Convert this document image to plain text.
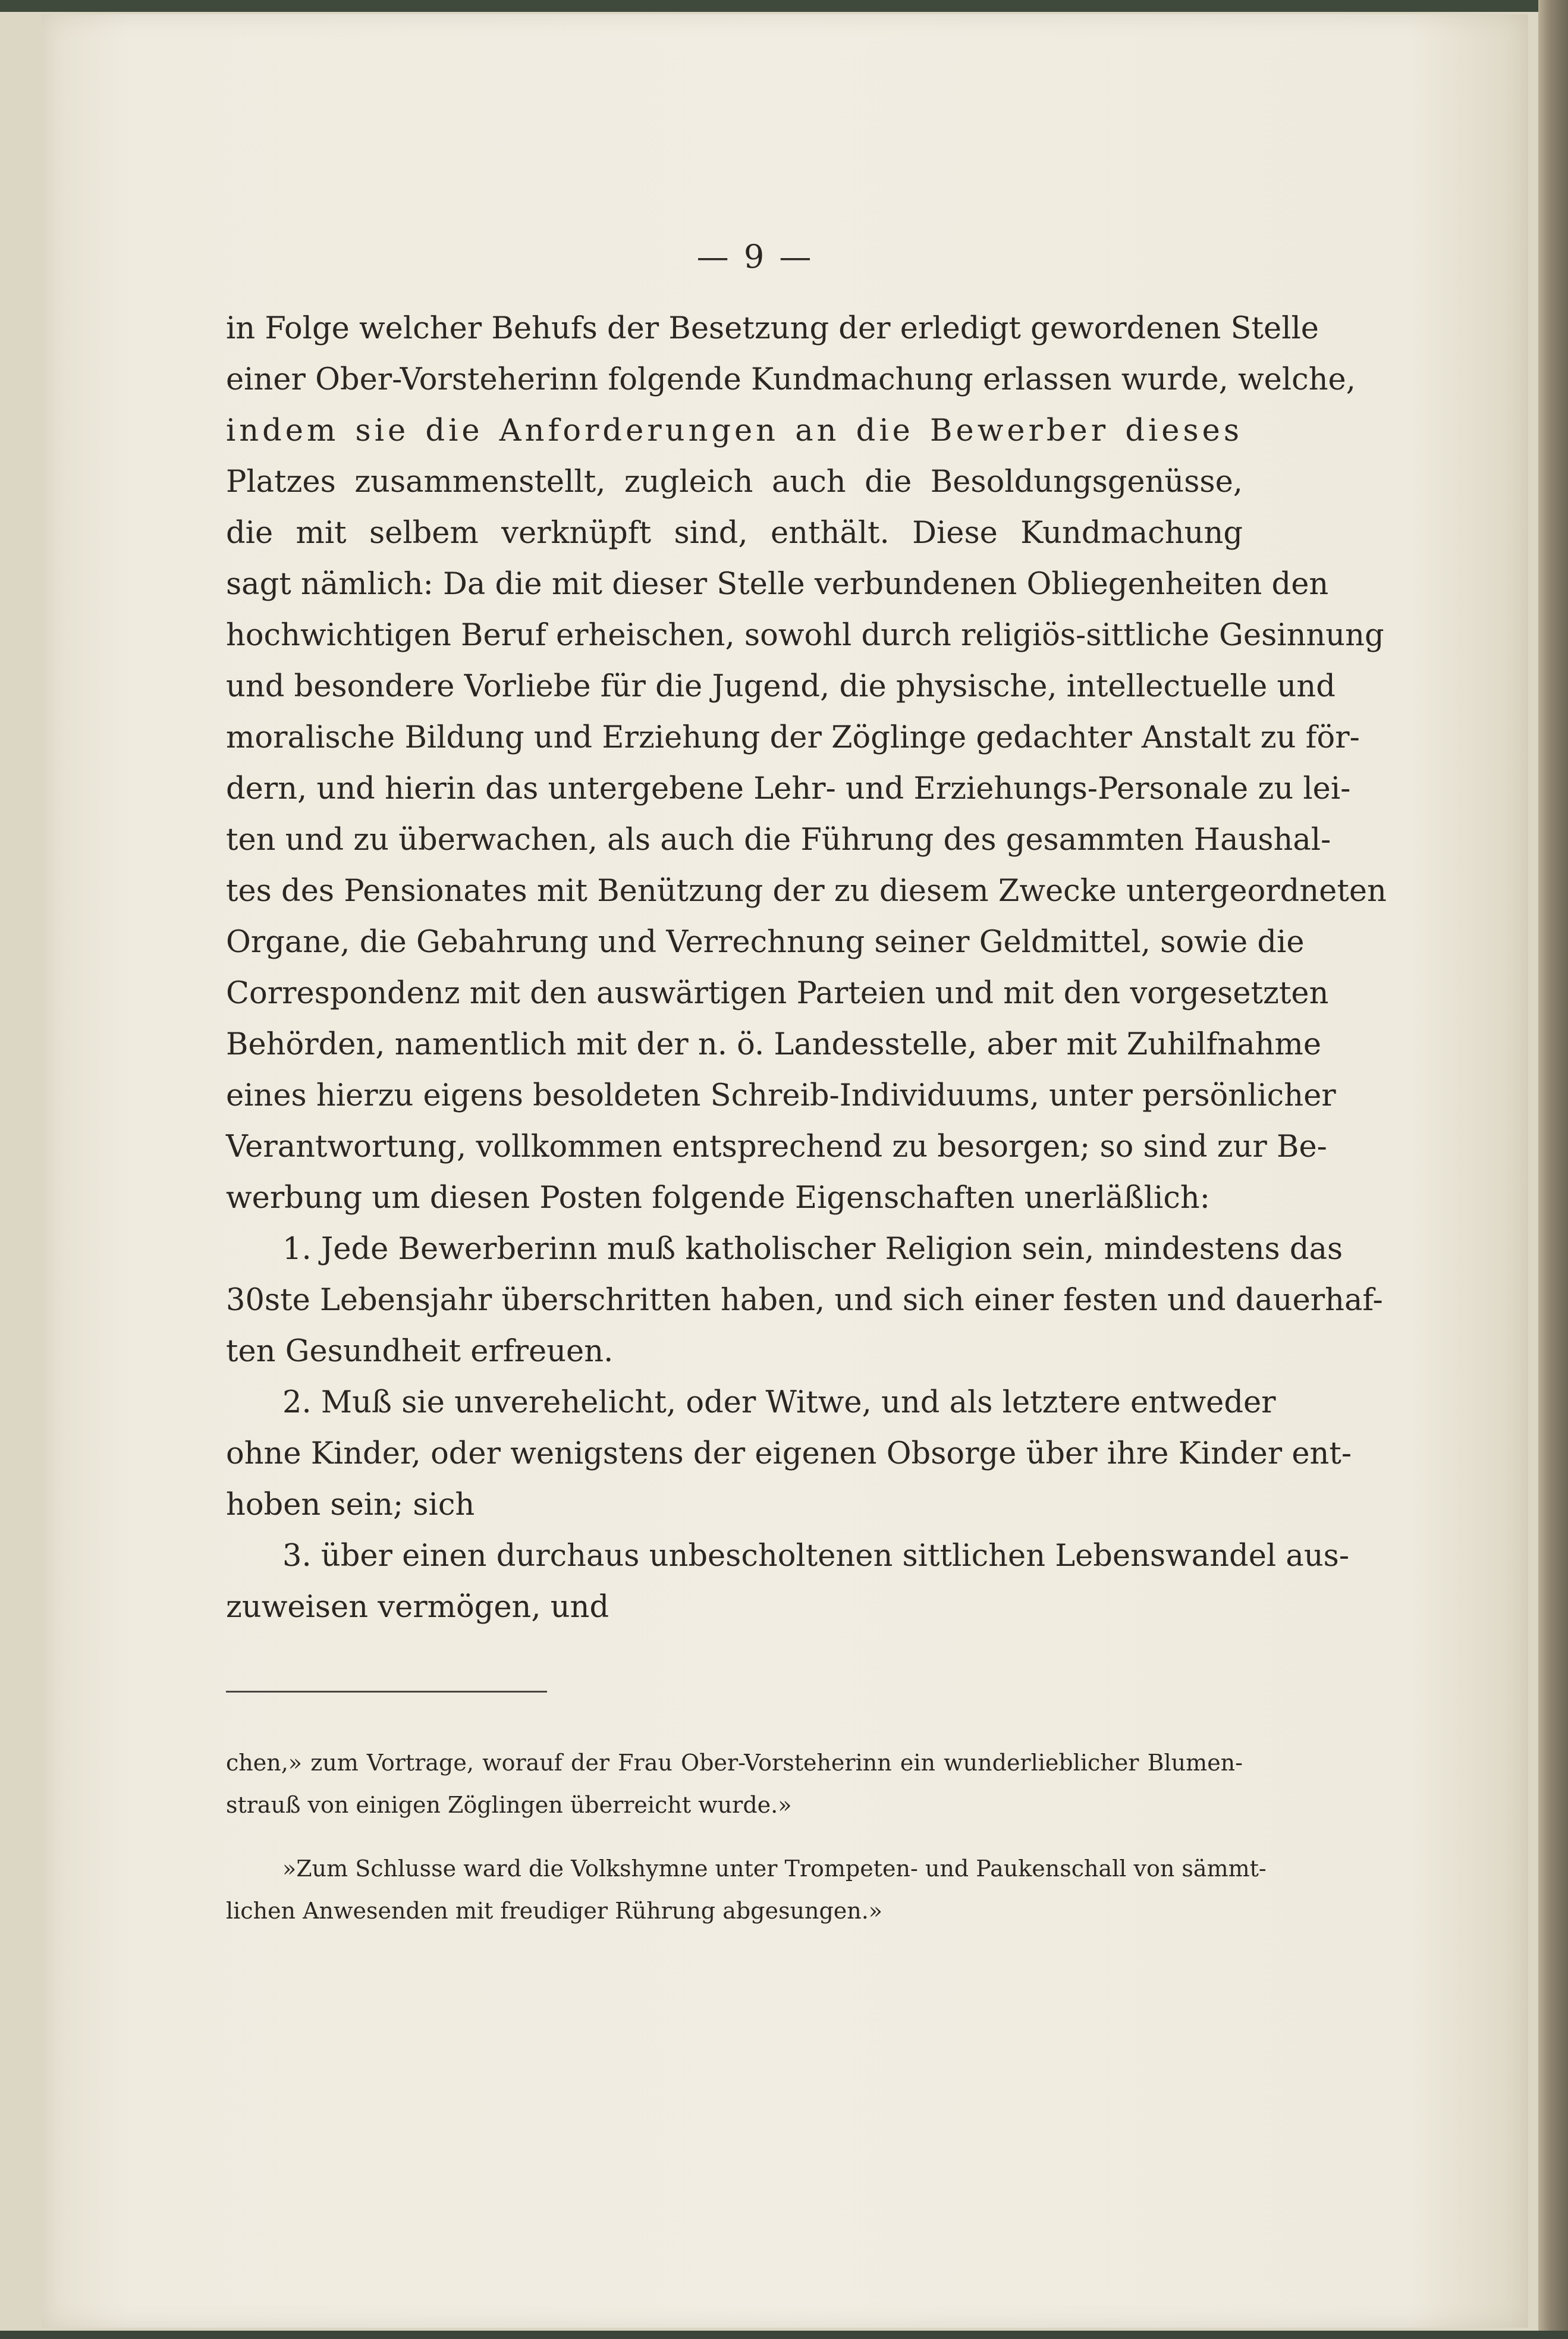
— 9 —
in Folge welcher Behufs der Besetzung der erledigt gewordenen Stelle
einer Ober-Vorsteherinn folgende Kundmachung erlassen wurde, welche,
indem sie die Anforderungen an die Bewerber dieses
Platzes zusammenstellt, zugleich auch die Besoldungsgenüsse,
die mit selbem verknüpft sind, enthält. Diese Kundmachung
sagt nämlich: Da die mit dieser Stelle verbundenen Obliegenheiten den
hochwichtigen Beruf erheischen, sowohl durch religiös-sittliche Gesinnung
und besondere Vorliebe für die Jugend, die physische, intellectuelle und
moralische Bildung und Erziehung der Zöglinge gedachter Anstalt zu för-
dern, und hierin das untergebene Lehr- und Erziehungs-Personale zu lei-
ten und zu überwachen, als auch die Führung des gesammten Haushal-
tes des Pensionates mit Benützung der zu diesem Zwecke untergeordneten
Organe, die Gebahrung und Verrechnung seiner Geldmittel, sowie die
Correspondenz mit den auswärtigen Parteien und mit den vorgesetzten
Behörden, namentlich mit der n. ö. Landesstelle, aber mit Zuhilfnahme
eines hierzu eigens besoldeten Schreib-Individuums, unter persönlicher
Verantwortung, vollkommen entsprechend zu besorgen; so sind zur Be-
werbung um diesen Posten folgende Eigenschaften unerläßlich:
1. Jede Bewerberinn muß katholischer Religion sein, mindestens das
30ste Lebensjahr überschritten haben, und sich einer festen und dauerhaf-
ten Gesundheit erfreuen.
2. Muß sie unverehelicht, oder Witwe, und als letztere entweder
ohne Kinder, oder wenigstens der eigenen Obsorge über ihre Kinder ent-
hoben sein; sich
3. über einen durchaus unbescholtenen sittlichen Lebenswandel aus-
zuweisen vermögen, und
chen,» zum Vortrage, worauf der Frau Ober-Vorsteherinn ein wunderlieblicher Blumen-
strauß von einigen Zöglingen überreicht wurde.»
»Zum Schlusse ward die Volkshymne unter Trompeten- und Paukenschall von sämmt-
lichen Anwesenden mit freudiger Rührung abgesungen.»
